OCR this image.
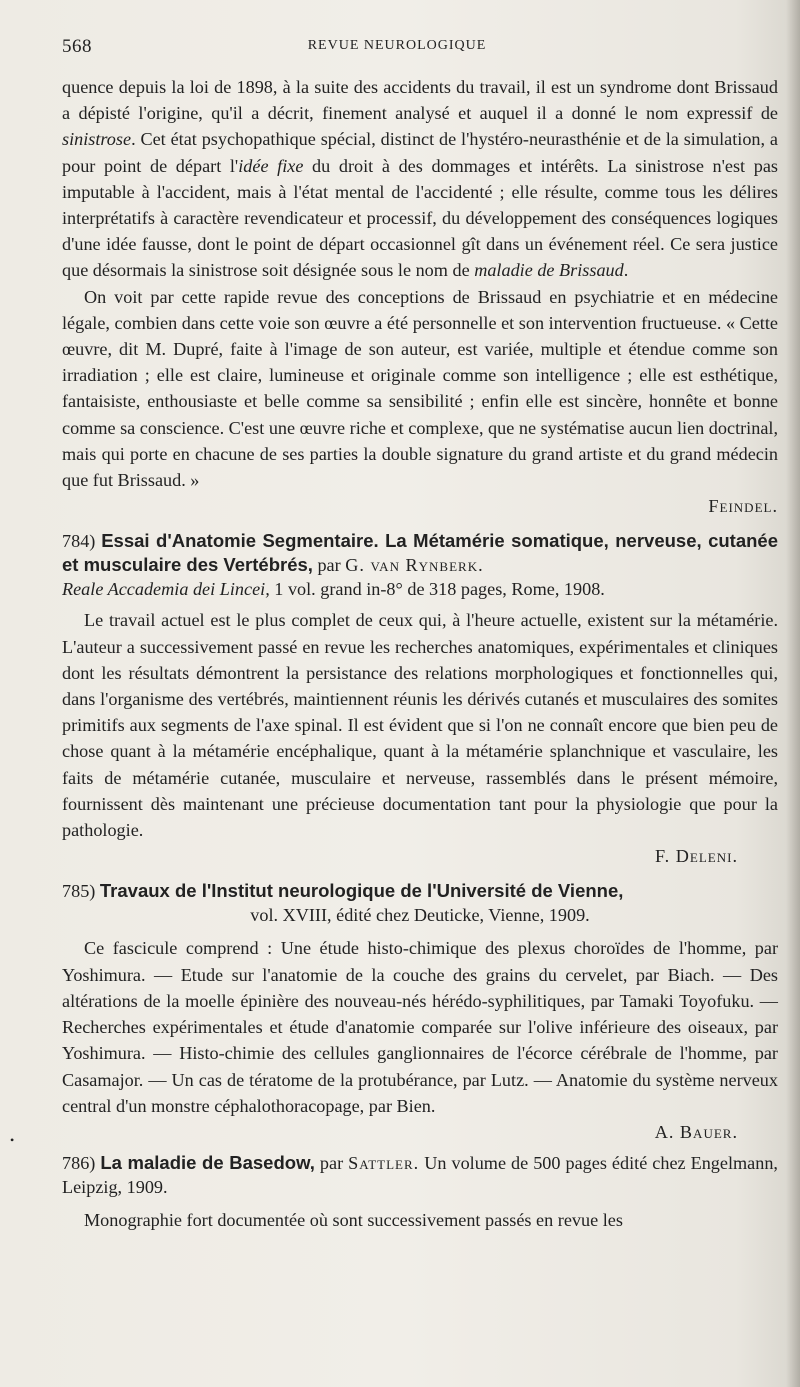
568	REVUE NEUROLOGIQUE

quence depuis la loi de 1898, à la suite des accidents du travail, il est un syndrome dont Brissaud a dépisté l'origine, qu'il a décrit, finement analysé et auquel il a donné le nom expressif de sinistrose. Cet état psychopathique spécial, distinct de l'hystéro-neurasthénie et de la simulation, a pour point de départ l'idée fixe du droit à des dommages et intérêts. La sinistrose n'est pas imputable à l'accident, mais à l'état mental de l'accidenté ; elle résulte, comme tous les délires interprétatifs à caractère revendicateur et processif, du développement des conséquences logiques d'une idée fausse, dont le point de départ occasionnel gît dans un événement réel. Ce sera justice que désormais la sinistrose soit désignée sous le nom de maladie de Brissaud.

On voit par cette rapide revue des conceptions de Brissaud en psychiatrie et en médecine légale, combien dans cette voie son œuvre a été personnelle et son intervention fructueuse. « Cette œuvre, dit M. Dupré, faite à l'image de son auteur, est variée, multiple et étendue comme son irradiation ; elle est claire, lumineuse et originale comme son intelligence ; elle est esthétique, fantaisiste, enthousiaste et belle comme sa sensibilité ; enfin elle est sincère, honnête et bonne comme sa conscience. C'est une œuvre riche et complexe, que ne systématise aucun lien doctrinal, mais qui porte en chacune de ses parties la double signature du grand artiste et du grand médecin que fut Brissaud. »

Feindel.

784) Essai d'Anatomie Segmentaire. La Métamérie somatique, nerveuse, cutanée et musculaire des Vertébrés, par G. van Rynberk.
Reale Accademia dei Lincei, 1 vol. grand in-8° de 318 pages, Rome, 1908.

Le travail actuel est le plus complet de ceux qui, à l'heure actuelle, existent sur la métamérie. L'auteur a successivement passé en revue les recherches anatomiques, expérimentales et cliniques dont les résultats démontrent la persistance des relations morphologiques et fonctionnelles qui, dans l'organisme des vertébrés, maintiennent réunis les dérivés cutanés et musculaires des somites primitifs aux segments de l'axe spinal. Il est évident que si l'on ne connaît encore que bien peu de chose quant à la métamérie encéphalique, quant à la métamérie splanchnique et vasculaire, les faits de métamérie cutanée, musculaire et nerveuse, rassemblés dans le présent mémoire, fournissent dès maintenant une précieuse documentation tant pour la physiologie que pour la pathologie.

F. Deleni.

785) Travaux de l'Institut neurologique de l'Université de Vienne,

vol. XVIII, édité chez Deuticke, Vienne, 1909.

Ce fascicule comprend : Une étude histo-chimique des plexus choroïdes de l'homme, par Yoshimura. — Etude sur l'anatomie de la couche des grains du cervelet, par Biach. — Des altérations de la moelle épinière des nouveau-nés hérédo-syphilitiques, par Tamaki Toyofuku. — Recherches expérimentales et étude d'anatomie comparée sur l'olive inférieure des oiseaux, par Yoshimura. — Histo-chimie des cellules ganglionnaires de l'écorce cérébrale de l'homme, par Casamajor. — Un cas de tératome de la protubérance, par Lutz. — Anatomie du système nerveux central d'un monstre céphalothoracopage, par Bien.

A. Bauer.

786) La maladie de Basedow, par Sattler. Un volume de 500 pages édité chez Engelmann, Leipzig, 1909.

Monographie fort documentée où sont successivement passés en revue les

•
